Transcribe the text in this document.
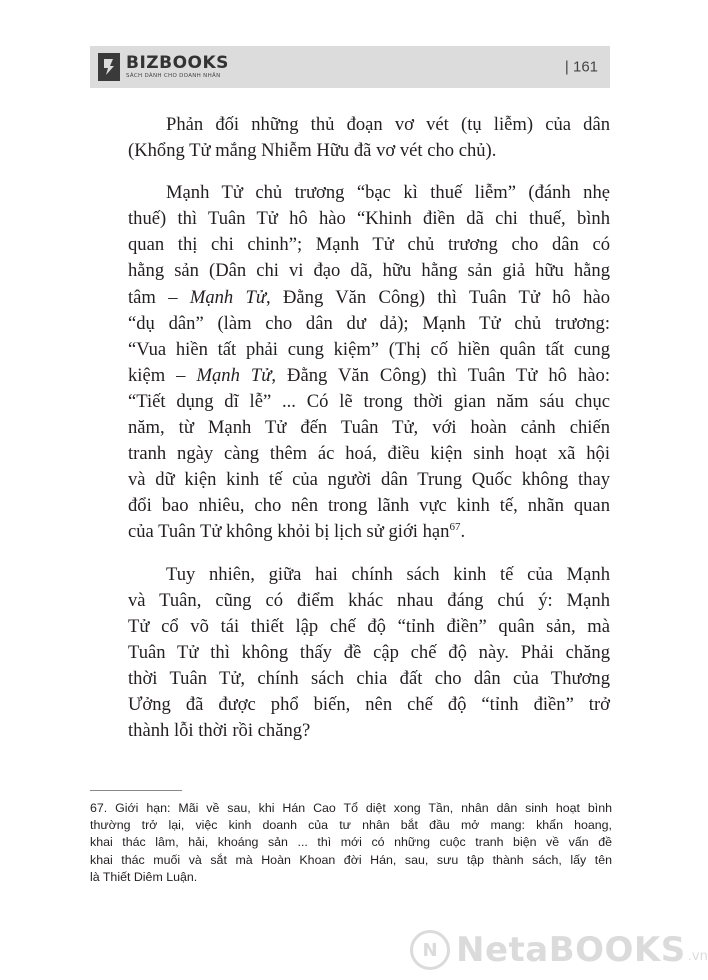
BIZBOOKS
SÁCH DÀNH CHO DOANH NHÂN
| 161

Phản đối những thủ đoạn vơ vét (tụ liễm) của dân
(Khổng Tử mắng Nhiễm Hữu đã vơ vét cho chủ).

Mạnh Tử chủ trương “bạc kì thuế liễm” (đánh nhẹ
thuế) thì Tuân Tử hô hào “Khinh điền dã chi thuế, bình
quan thị chi chinh”; Mạnh Tử chủ trương cho dân có
hằng sản (Dân chi vi đạo dã, hữu hằng sản giả hữu hằng
tâm – Mạnh Tử, Đằng Văn Công) thì Tuân Tử hô hào
“dụ dân” (làm cho dân dư dả); Mạnh Tử chủ trương:
“Vua hiền tất phải cung kiệm” (Thị cố hiền quân tất cung
kiệm – Mạnh Tử, Đằng Văn Công) thì Tuân Tử hô hào:
“Tiết dụng dĩ lễ” ... Có lẽ trong thời gian năm sáu chục
năm, từ Mạnh Tử đến Tuân Tử, với hoàn cảnh chiến
tranh ngày càng thêm ác hoá, điều kiện sinh hoạt xã hội
và dữ kiện kinh tế của người dân Trung Quốc không thay
đổi bao nhiêu, cho nên trong lãnh vực kinh tế, nhãn quan
của Tuân Tử không khỏi bị lịch sử giới hạn$^{67}$.

Tuy nhiên, giữa hai chính sách kinh tế của Mạnh
và Tuân, cũng có điểm khác nhau đáng chú ý: Mạnh
Tử cổ võ tái thiết lập chế độ “tỉnh điền” quân sản, mà
Tuân Tử thì không thấy đề cập chế độ này. Phải chăng
thời Tuân Tử, chính sách chia đất cho dân của Thương
Ưởng đã được phổ biến, nên chế độ “tỉnh điền” trở
thành lỗi thời rồi chăng?

67. Giới hạn: Mãi về sau, khi Hán Cao Tổ diệt xong Tần, nhân dân sinh hoạt bình
thường trở lại, việc kinh doanh của tư nhân bắt đầu mở mang: khẩn hoang,
khai thác lâm, hải, khoáng sản ... thì mới có những cuộc tranh biện về vấn đề
khai thác muối và sắt mà Hoàn Khoan đời Hán, sau, sưu tập thành sách, lấy tên
là Thiết Diêm Luận.
N NetaBOOKS .vn
